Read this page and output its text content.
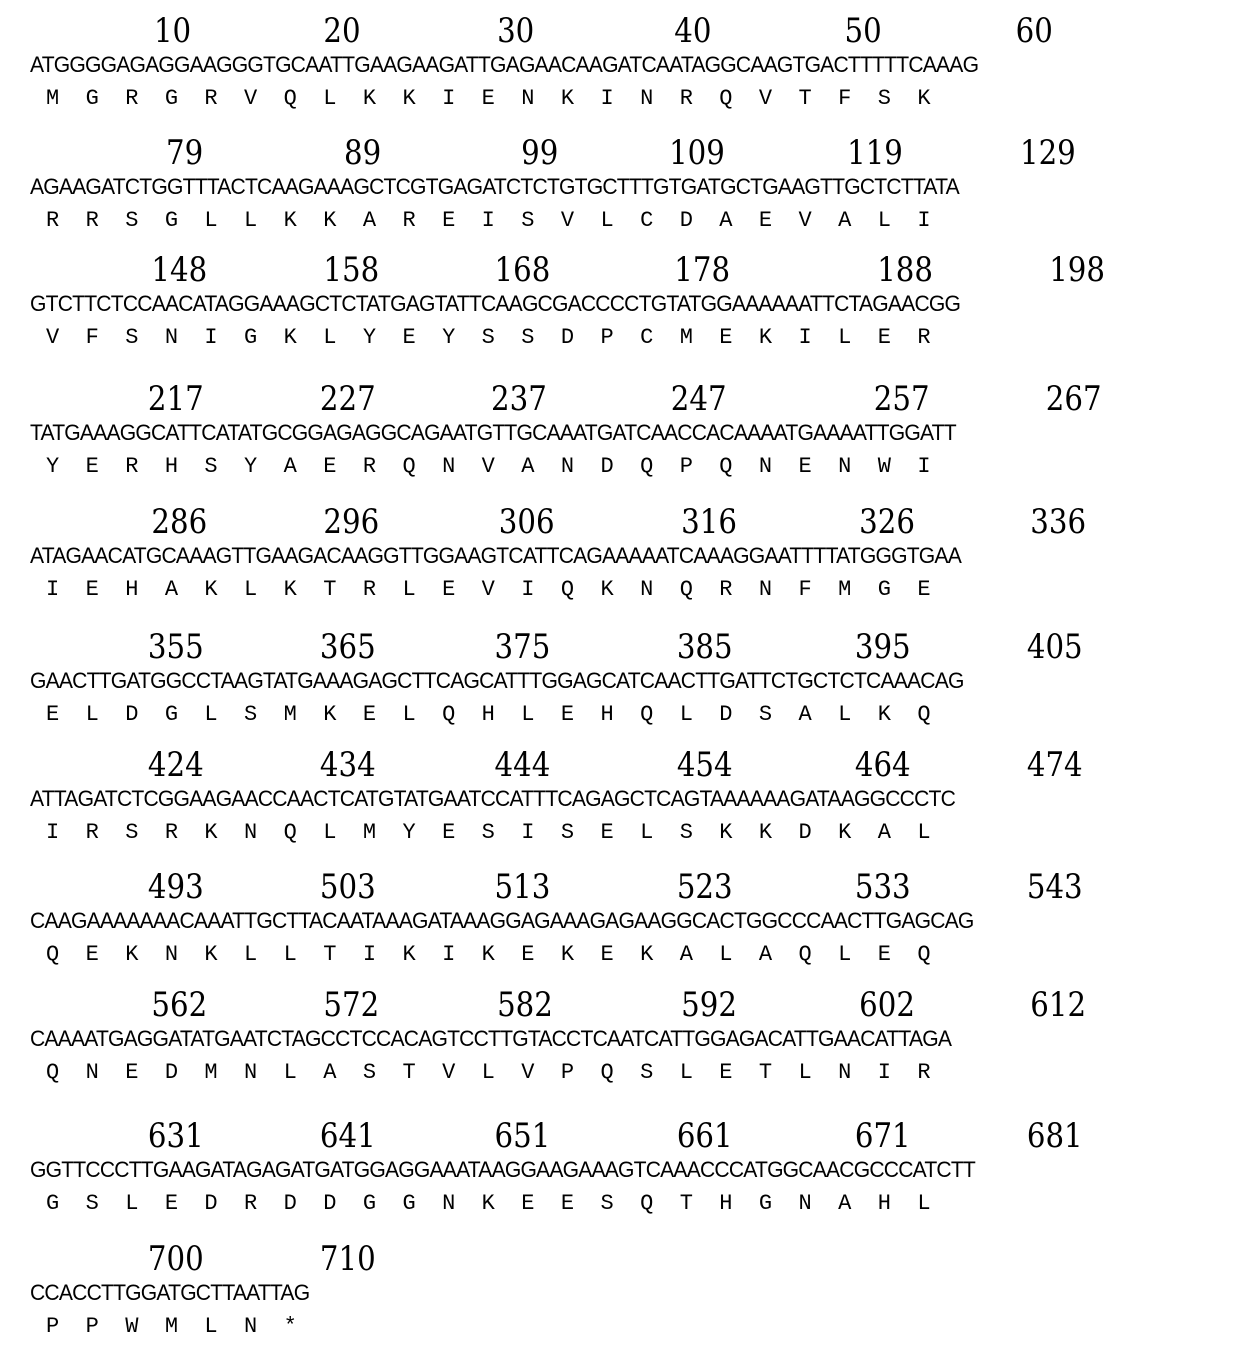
10	20	30	40	50	60
ATGGGGAGAGGAAGGGTGCAATTGAAGAAGATTGAGAACAAGATCAATAGGCAAGTGACTTTTTCAAAG
M  G  R  G  R  V  Q  L  K  K  I  E  N  K  I  N  R  Q  V  T  F  S  K
79	89	99	109	119	129
AGAAGATCTGGTTTACTCAAGAAAGCTCGTGAGATCTCTGTGCTTTGTGATGCTGAAGTTGCTCTTATA
R  R  S  G  L  L  K  K  A  R  E  I  S  V  L  C  D  A  E  V  A  L  I
148	158	168	178	188	198
GTCTTCTCCAACATAGGAAAGCTCTATGAGTATTCAAGCGACCCCTGTATGGAAAAAATTCTAGAACGG
V  F  S  N  I  G  K  L  Y  E  Y  S  S  D  P  C  M  E  K  I  L  E  R
217	227	237	247	257	267
TATGAAAGGCATTCATATGCGGAGAGGCAGAATGTTGCAAATGATCAACCACAAAATGAAAATTGGATT
Y  E  R  H  S  Y  A  E  R  Q  N  V  A  N  D  Q  P  Q  N  E  N  W  I
286	296	306	316	326	336
ATAGAACATGCAAAGTTGAAGACAAGGTTGGAAGTCATTCAGAAAAATCAAAGGAATTTTATGGGTGAA
I  E  H  A  K  L  K  T  R  L  E  V  I  Q  K  N  Q  R  N  F  M  G  E
355	365	375	385	395	405
GAACTTGATGGCCTAAGTATGAAAGAGCTTCAGCATTTGGAGCATCAACTTGATTCTGCTCTCAAACAG
E  L  D  G  L  S  M  K  E  L  Q  H  L  E  H  Q  L  D  S  A  L  K  Q
424	434	444	454	464	474
ATTAGATCTCGGAAGAACCAACTCATGTATGAATCCATTTCAGAGCTCAGTAAAAAAGATAAGGCCCTC
I  R  S  R  K  N  Q  L  M  Y  E  S  I  S  E  L  S  K  K  D  K  A  L
493	503	513	523	533	543
CAAGAAAAAAACAAATTGCTTACAATAAAGATAAAGGAGAAAGAGAAGGCACTGGCCCAACTTGAGCAG
Q  E  K  N  K  L  L  T  I  K  I  K  E  K  E  K  A  L  A  Q  L  E  Q
562	572	582	592	602	612
CAAAATGAGGATATGAATCTAGCCTCCACAGTCCTTGTACCTCAATCATTGGAGACATTGAACATTAGA
Q  N  E  D  M  N  L  A  S  T  V  L  V  P  Q  S  L  E  T  L  N  I  R
631	641	651	661	671	681
GGTTCCCTTGAAGATAGAGATGATGGAGGAAATAAGGAAGAAAGTCAAACCCATGGCAACGCCCATCTT
G  S  L  E  D  R  D  D  G  G  N  K  E  E  S  Q  T  H  G  N  A  H  L
700	710
CCACCTTGGATGCTTAATTAG
P  P  W  M  L  N  *
